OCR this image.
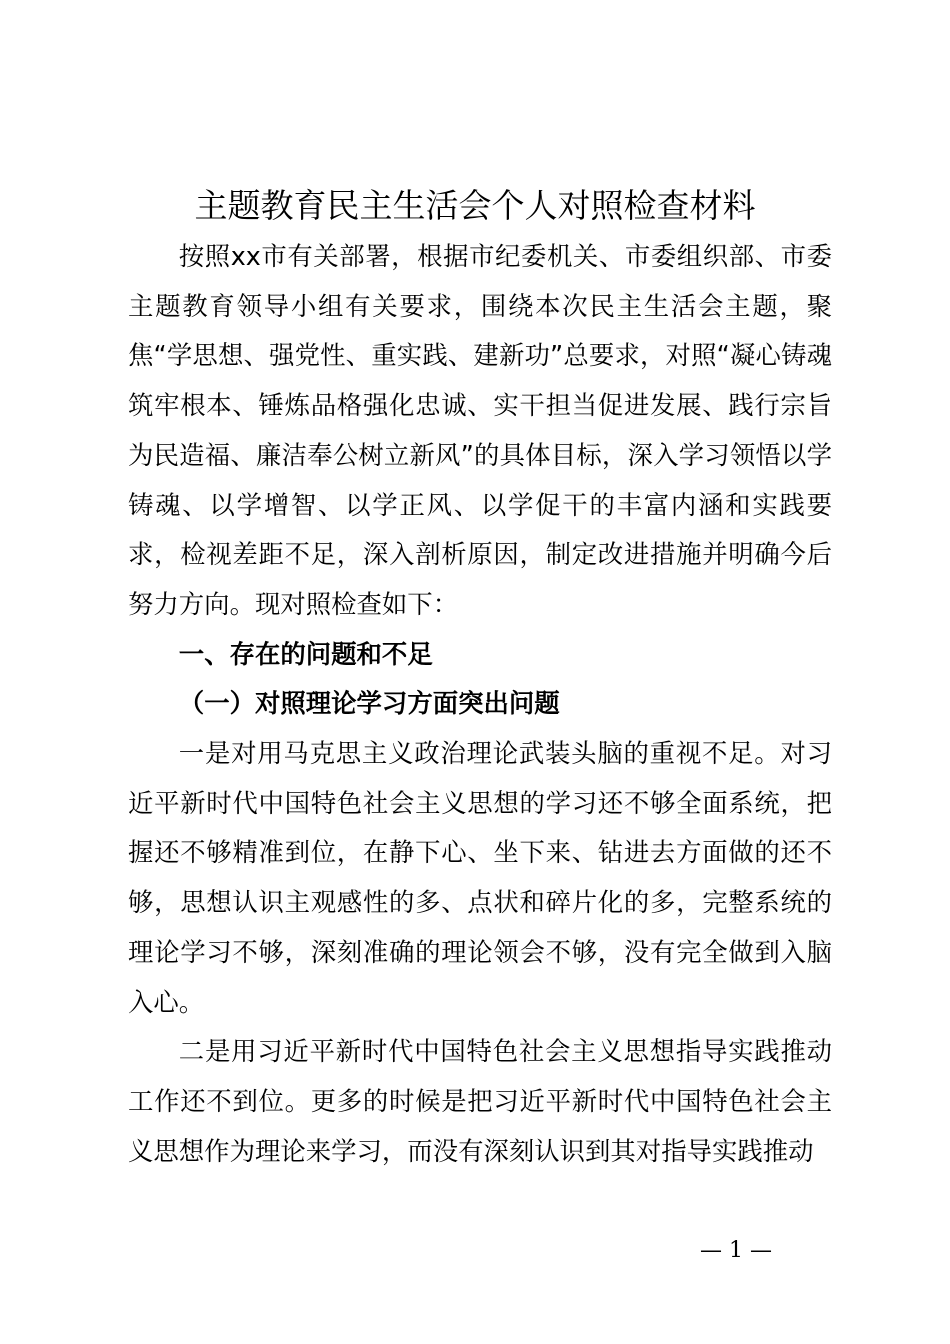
主题教育民主生活会个人对照检查材料

按照xx市有关部署，根据市纪委机关、市委组织部、市委主题教育领导小组有关要求，围绕本次民主生活会主题，聚焦“学思想、强党性、重实践、建新功”总要求，对照“凝心铸魂筑牢根本、锤炼品格强化忠诚、实干担当促进发展、践行宗旨为民造福、廉洁奉公树立新风”的具体目标，深入学习领悟以学铸魂、以学增智、以学正风、以学促干的丰富内涵和实践要求，检视差距不足，深入剖析原因，制定改进措施并明确今后努力方向。现对照检查如下：

一、存在的问题和不足

（一）对照理论学习方面突出问题

一是对用马克思主义政治理论武装头脑的重视不足。对习近平新时代中国特色社会主义思想的学习还不够全面系统，把握还不够精准到位，在静下心、坐下来、钻进去方面做的还不够，思想认识主观感性的多、点状和碎片化的多，完整系统的理论学习不够，深刻准确的理论领会不够，没有完全做到入脑入心。

二是用习近平新时代中国特色社会主义思想指导实践推动工作还不到位。更多的时候是把习近平新时代中国特色社会主义思想作为理论来学习，而没有深刻认识到其对指导实践推动

— 1 —
